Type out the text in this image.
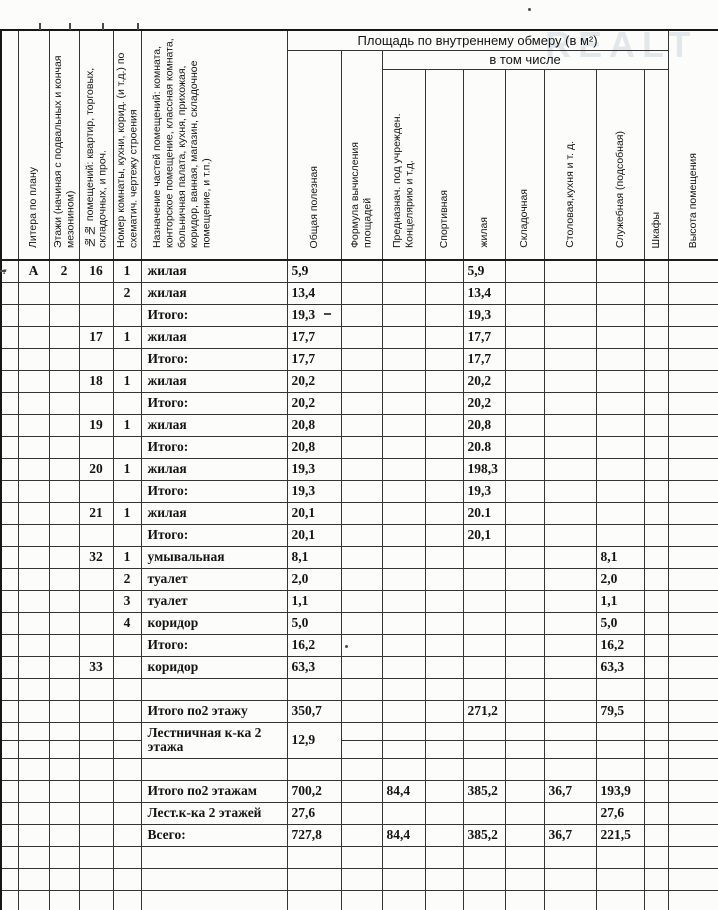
REALT
	Литера по плану	Этажи (начиная с подвальных и кончая мезонином)	№№ помещений: квартир, торговых, складочных, и проч.	Номер комнаты, кухни, корид. (и т.д.) по схематич. чертежу строения	Назначение частей помещений: комната, конторское помещение, классная комната, больничная палата, кухня, прихожая, коридор, ванная, магазин, складочное помещение, и т.п.)	Площадь по внутреннему обмеру (в м²)									Высота помещения
						Общая полезная	Формула вычисления площадей	в том числе							
								Предназнач. под учрежден. Концелярию и т.д.	Спортивная	жилая	Складочная	Столовая,кухня и т. д.	Служебная (подсобная)	Шкафы	
	А	2	16	1	жилая	5,9				5,9					
				2	жилая	13,4				13,4					
					Итого:	19,3				19,3					
			17	1	жилая	17,7				17,7					
					Итого:	17,7				17,7					
			18	1	жилая	20,2				20,2					
					Итого:	20,2				20,2					
			19	1	жилая	20,8				20,8					
					Итого:	20,8				20.8					
			20	1	жилая	19,3				198,3					
					Итого:	19,3				19,3					
			21	1	жилая	20,1				20.1					
					Итого:	20,1				20,1					
			32	1	умывальная	8,1							8,1		
				2	туалет	2,0							2,0		
				3	туалет	1,1							1,1		
				4	коридор	5,0							5,0		
					Итого:	16,2							16,2		
			33		коридор	63,3							63,3		

					Итого по2 этажу	350,7				271,2			79,5		
					Лестничная к-ка 2 этажа	12,9									

					Итого по2 этажам	700,2		84,4		385,2		36,7	193,9		
					Лест.к-ка 2 этажей	27,6							27,6		
					Всего:	727,8		84,4		385,2		36,7	221,5		
